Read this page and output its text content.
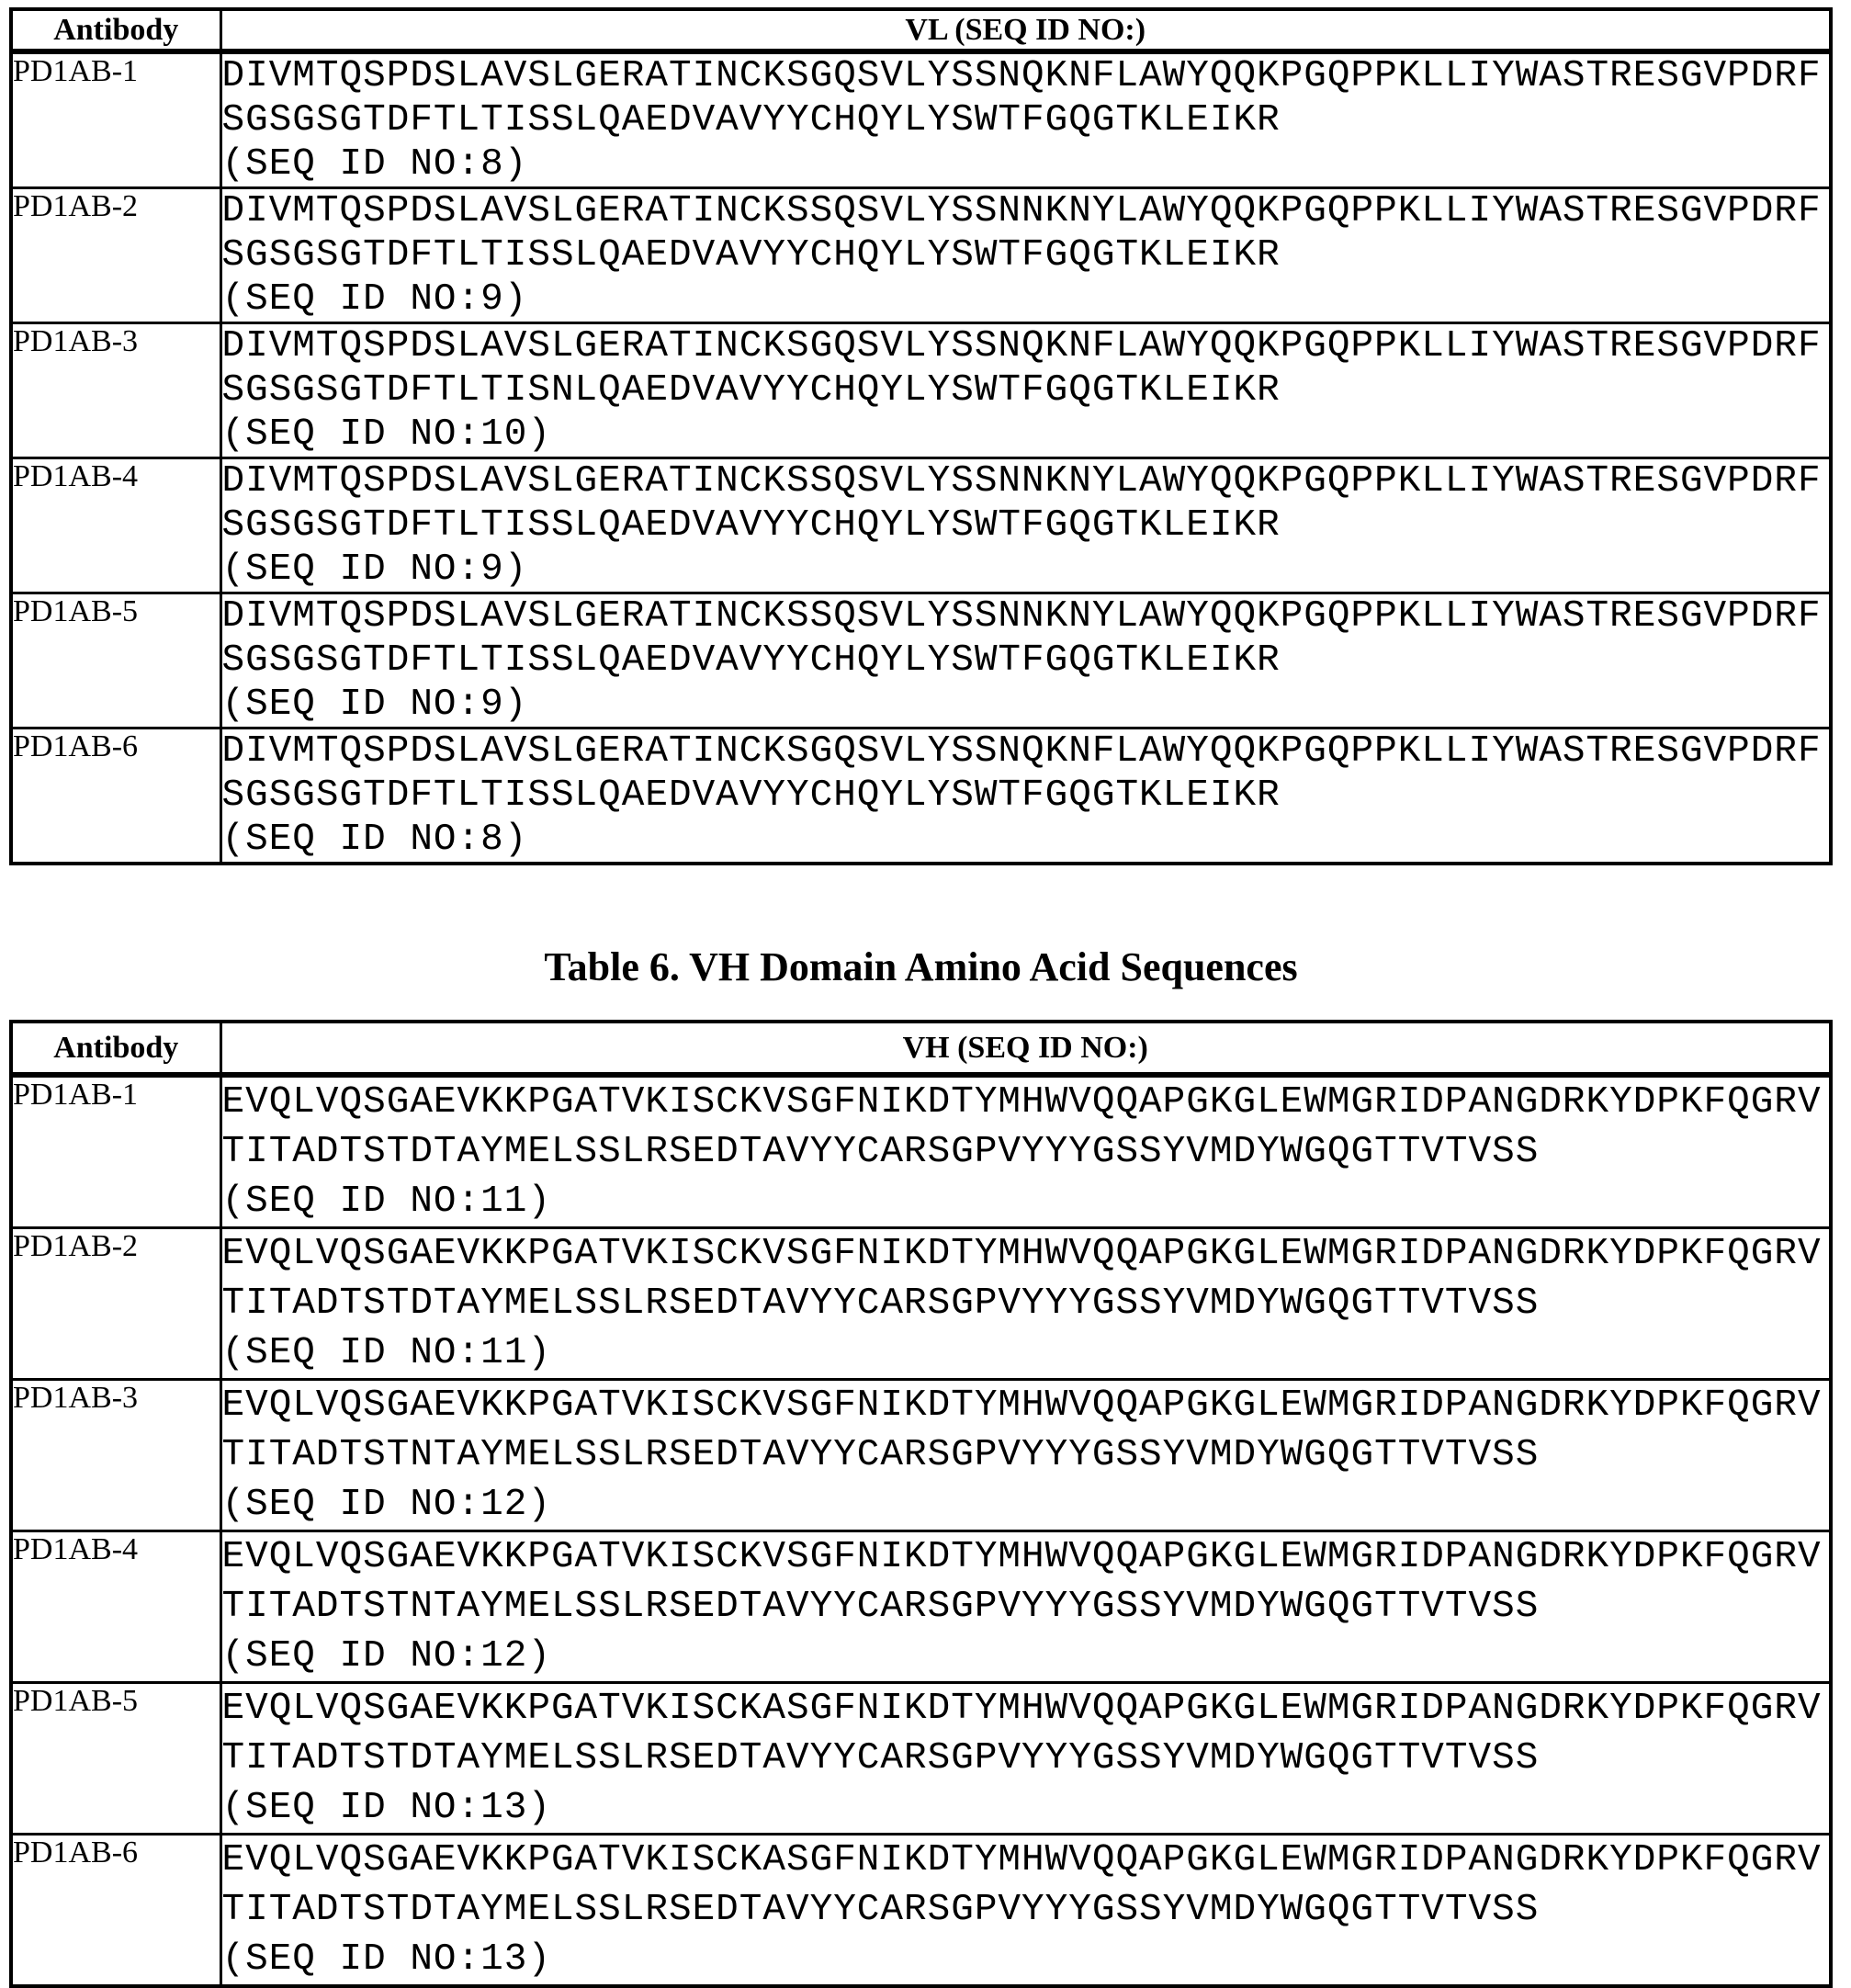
Antibody	VL (SEQ ID NO:)
PD1AB-1	DIVMTQSPDSLAVSLGERATINCKSGQSVLYSSNQKNFLAWYQQKPGQPPKLLIYWASTRESGVPDRF
SGSGSGTDFTLTISSLQAEDVAVYYCHQYLYSWTFGQGTKLEIKR
(SEQ ID NO:8)

PD1AB-2	DIVMTQSPDSLAVSLGERATINCKSSQSVLYSSNNKNYLAWYQQKPGQPPKLLIYWASTRESGVPDRF
SGSGSGTDFTLTISSLQAEDVAVYYCHQYLYSWTFGQGTKLEIKR
(SEQ ID NO:9)

PD1AB-3	DIVMTQSPDSLAVSLGERATINCKSGQSVLYSSNQKNFLAWYQQKPGQPPKLLIYWASTRESGVPDRF
SGSGSGTDFTLTISNLQAEDVAVYYCHQYLYSWTFGQGTKLEIKR
(SEQ ID NO:10)

PD1AB-4	DIVMTQSPDSLAVSLGERATINCKSSQSVLYSSNNKNYLAWYQQKPGQPPKLLIYWASTRESGVPDRF
SGSGSGTDFTLTISSLQAEDVAVYYCHQYLYSWTFGQGTKLEIKR
(SEQ ID NO:9)

PD1AB-5	DIVMTQSPDSLAVSLGERATINCKSSQSVLYSSNNKNYLAWYQQKPGQPPKLLIYWASTRESGVPDRF
SGSGSGTDFTLTISSLQAEDVAVYYCHQYLYSWTFGQGTKLEIKR
(SEQ ID NO:9)

PD1AB-6	DIVMTQSPDSLAVSLGERATINCKSGQSVLYSSNQKNFLAWYQQKPGQPPKLLIYWASTRESGVPDRF
SGSGSGTDFTLTISSLQAEDVAVYYCHQYLYSWTFGQGTKLEIKR
(SEQ ID NO:8)
Table 6. VH Domain Amino Acid Sequences
Antibody	VH (SEQ ID NO:)
PD1AB-1	EVQLVQSGAEVKKPGATVKISCKVSGFNIKDTYMHWVQQAPGKGLEWMGRIDPANGDRKYDPKFQGRV
TITADTSTDTAYMELSSLRSEDTAVYYCARSGPVYYYGSSYVMDYWGQGTTVTVSS
(SEQ ID NO:11)

PD1AB-2	EVQLVQSGAEVKKPGATVKISCKVSGFNIKDTYMHWVQQAPGKGLEWMGRIDPANGDRKYDPKFQGRV
TITADTSTDTAYMELSSLRSEDTAVYYCARSGPVYYYGSSYVMDYWGQGTTVTVSS
(SEQ ID NO:11)

PD1AB-3	EVQLVQSGAEVKKPGATVKISCKVSGFNIKDTYMHWVQQAPGKGLEWMGRIDPANGDRKYDPKFQGRV
TITADTSTNTAYMELSSLRSEDTAVYYCARSGPVYYYGSSYVMDYWGQGTTVTVSS
(SEQ ID NO:12)

PD1AB-4	EVQLVQSGAEVKKPGATVKISCKVSGFNIKDTYMHWVQQAPGKGLEWMGRIDPANGDRKYDPKFQGRV
TITADTSTNTAYMELSSLRSEDTAVYYCARSGPVYYYGSSYVMDYWGQGTTVTVSS
(SEQ ID NO:12)

PD1AB-5	EVQLVQSGAEVKKPGATVKISCKASGFNIKDTYMHWVQQAPGKGLEWMGRIDPANGDRKYDPKFQGRV
TITADTSTDTAYMELSSLRSEDTAVYYCARSGPVYYYGSSYVMDYWGQGTTVTVSS
(SEQ ID NO:13)

PD1AB-6	EVQLVQSGAEVKKPGATVKISCKASGFNIKDTYMHWVQQAPGKGLEWMGRIDPANGDRKYDPKFQGRV
TITADTSTDTAYMELSSLRSEDTAVYYCARSGPVYYYGSSYVMDYWGQGTTVTVSS
(SEQ ID NO:13)
